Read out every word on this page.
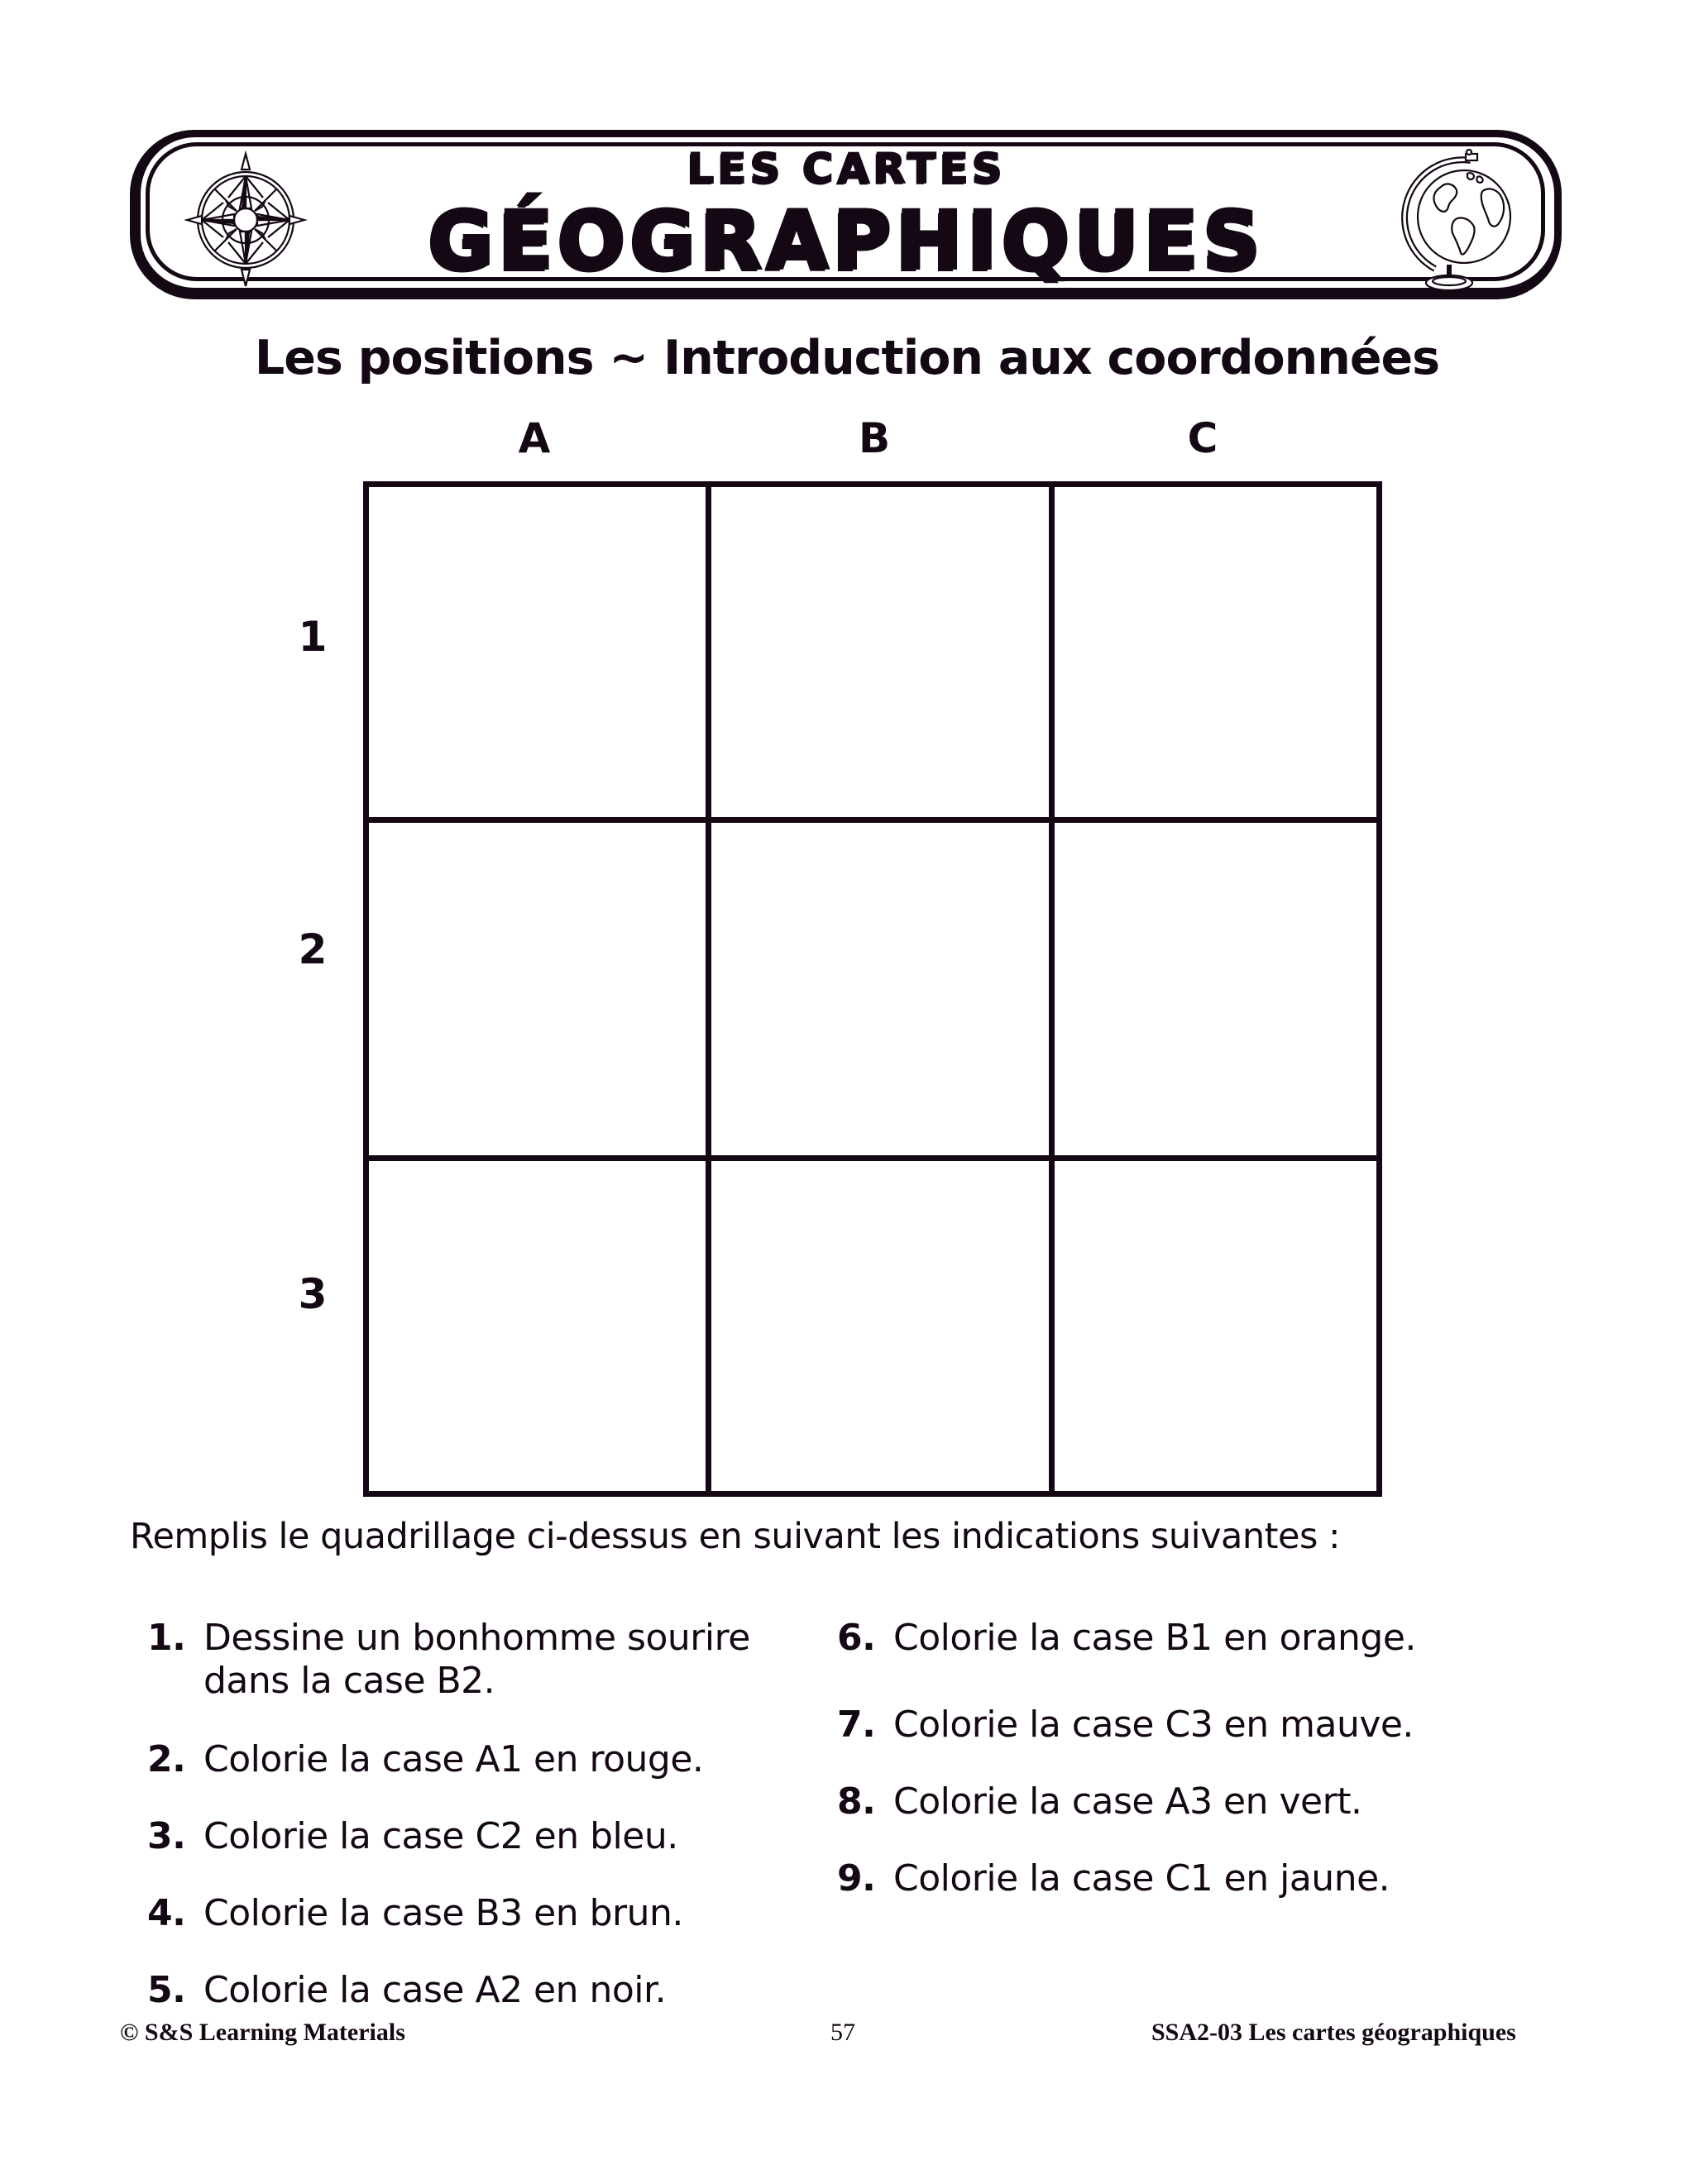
LES CARTES
GÉOGRAPHIQUES
Les positions ~ Introduction aux coordonnées
A	B	C
1
2
3
Remplis le quadrillage ci-dessus en suivant les indications suivantes :
1. Dessine un bonhomme sourire
dans la case B2.
2. Colorie la case A1 en rouge.
3. Colorie la case C2 en bleu.
4. Colorie la case B3 en brun.
5. Colorie la case A2 en noir.
6. Colorie la case B1 en orange.
7. Colorie la case C3 en mauve.
8. Colorie la case A3 en vert.
9. Colorie la case C1 en jaune.
© S&S Learning Materials	57	SSA2-03 Les cartes géographiques
